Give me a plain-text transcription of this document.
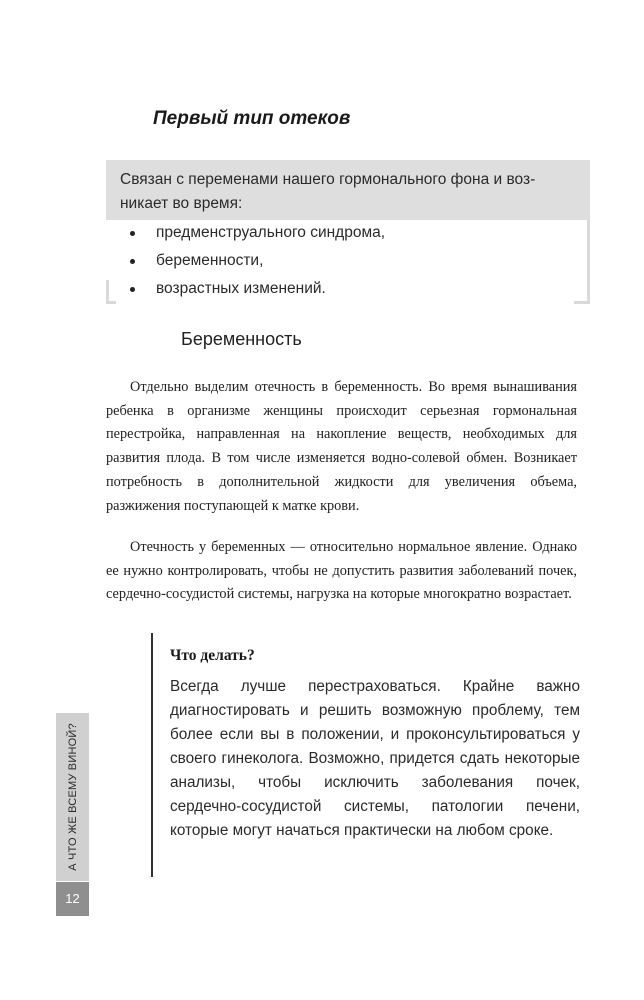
Первый тип отеков
Связан с переменами нашего гормонального фона и воз-никает во время:
предменструального синдрома,
беременности,
возрастных изменений.
Беременность

Отдельно выделим отечность в беременность. Во время вынашивания ребенка в организме женщины происходит серьезная гормональная перестройка, направленная на накопление веществ, необходимых для развития плода. В том числе изменяется водно-солевой обмен. Возникает потребность в дополнительной жидкости для увеличения объема, разжижения поступающей к матке крови.

Отечность у беременных — относительно нормальное явление. Однако ее нужно контролировать, чтобы не допустить развития заболеваний почек, сердечно-сосудистой системы, нагрузка на которые многократно возрастает.

Что делать?

Всегда лучше перестраховаться. Крайне важно диагностировать и решить возможную проблему, тем более если вы в положении, и проконсультироваться у своего гинеколога. Возможно, придется сдать некоторые анализы, чтобы исключить заболевания почек, сердечно-сосудистой системы, патологии печени, которые могут начаться практически на любом сроке.

А ЧТО ЖЕ ВСЕМУ ВИНОЙ?
12
